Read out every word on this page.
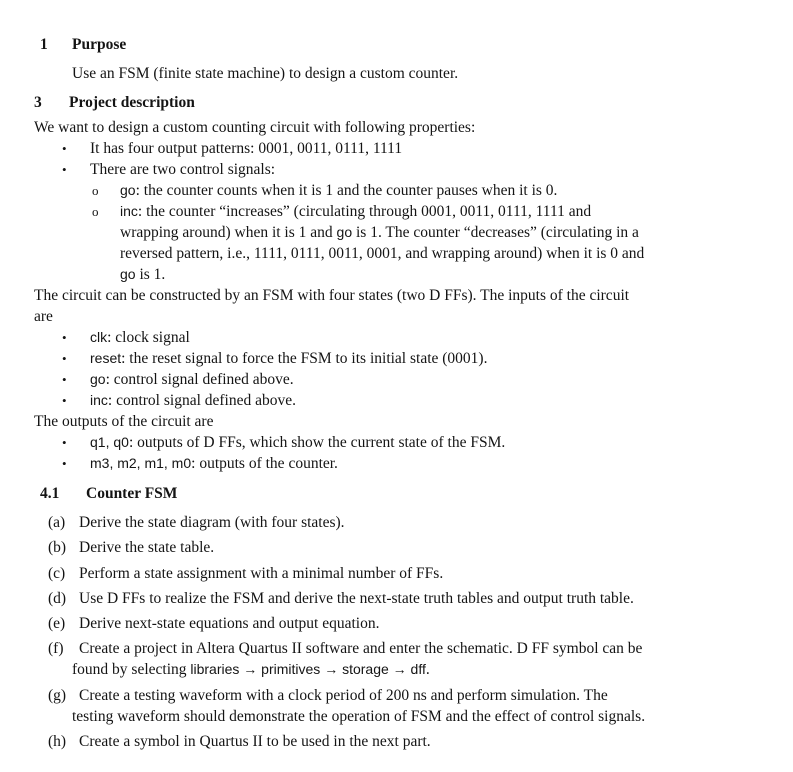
1 Purpose
Use an FSM (finite state machine) to design a custom counter.
3 Project description
We want to design a custom counting circuit with following properties:
• It has four output patterns: 0001, 0011, 0111, 1111
• There are two control signals:
o go: the counter counts when it is 1 and the counter pauses when it is 0.
o inc: the counter “increases” (circulating through 0001, 0011, 0111, 1111 and
wrapping around) when it is 1 and go is 1. The counter “decreases” (circulating in a
reversed pattern, i.e., 1111, 0111, 0011, 0001, and wrapping around) when it is 0 and
go is 1.
The circuit can be constructed by an FSM with four states (two D FFs). The inputs of the circuit
are
• clk: clock signal
• reset: the reset signal to force the FSM to its initial state (0001).
• go: control signal defined above.
• inc: control signal defined above.
The outputs of the circuit are
• q1, q0: outputs of D FFs, which show the current state of the FSM.
• m3, m2, m1, m0: outputs of the counter.
4.1 Counter FSM
(a) Derive the state diagram (with four states).
(b) Derive the state table.
(c) Perform a state assignment with a minimal number of FFs.
(d) Use D FFs to realize the FSM and derive the next-state truth tables and output truth table.
(e) Derive next-state equations and output equation.
(f) Create a project in Altera Quartus II software and enter the schematic. D FF symbol can be
found by selecting libraries → primitives → storage → dff.
(g) Create a testing waveform with a clock period of 200 ns and perform simulation. The
testing waveform should demonstrate the operation of FSM and the effect of control signals.
(h) Create a symbol in Quartus II to be used in the next part.
